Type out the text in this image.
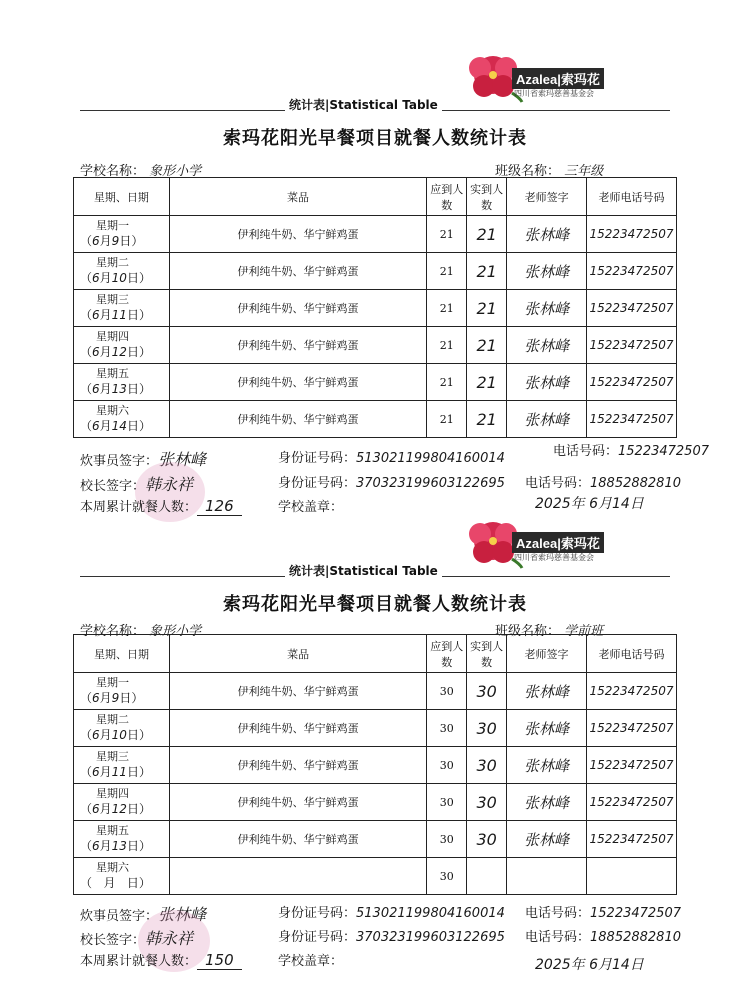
Azalea|索玛花
四川省索玛慈善基金会
统计表|Statistical Table
索玛花阳光早餐项目就餐人数统计表
学校名称： 象形小学	班级名称： 三年级
星期、日期	菜品	应到人数	实到人数	老师签字	老师电话号码

星期一
（6月9日）	伊利纯牛奶、华宁鲜鸡蛋	21	21	张林峰	15223472507

星期二
（6月10日）	伊利纯牛奶、华宁鲜鸡蛋	21	21	张林峰	15223472507

星期三
（6月11日）	伊利纯牛奶、华宁鲜鸡蛋	21	21	张林峰	15223472507

星期四
（6月12日）	伊利纯牛奶、华宁鲜鸡蛋	21	21	张林峰	15223472507

星期五
（6月13日）	伊利纯牛奶、华宁鲜鸡蛋	21	21	张林峰	15223472507

星期六
（6月14日）	伊利纯牛奶、华宁鲜鸡蛋	21	21	张林峰	15223472507
炊事员签字：张林峰	身份证号码：513021199804160014	电话号码：15223472507
校长签字：韩永祥	身份证号码：370323199603122695 电话号码：18852882810
本周累计就餐人数： 126	学校盖章：	2025年 6月14日
Azalea|索玛花
四川省索玛慈善基金会
统计表|Statistical Table
索玛花阳光早餐项目就餐人数统计表
学校名称： 象形小学	班级名称： 学前班
星期、日期	菜品	应到人数	实到人数	老师签字	老师电话号码

星期一
（6月9日）	伊利纯牛奶、华宁鲜鸡蛋	30	30	张林峰	15223472507

星期二
（6月10日）	伊利纯牛奶、华宁鲜鸡蛋	30	30	张林峰	15223472507

星期三
（6月11日）	伊利纯牛奶、华宁鲜鸡蛋	30	30	张林峰	15223472507

星期四
（6月12日）	伊利纯牛奶、华宁鲜鸡蛋	30	30	张林峰	15223472507

星期五
（6月13日）	伊利纯牛奶、华宁鲜鸡蛋	30	30	张林峰	15223472507

星期六
（   月   日）		30			
炊事员签字：张林峰	身份证号码：513021199804160014 电话号码：15223472507
校长签字：韩永祥	身份证号码：370323199603122695 电话号码：18852882810
本周累计就餐人数： 150	学校盖章：	2025年 6月14日
